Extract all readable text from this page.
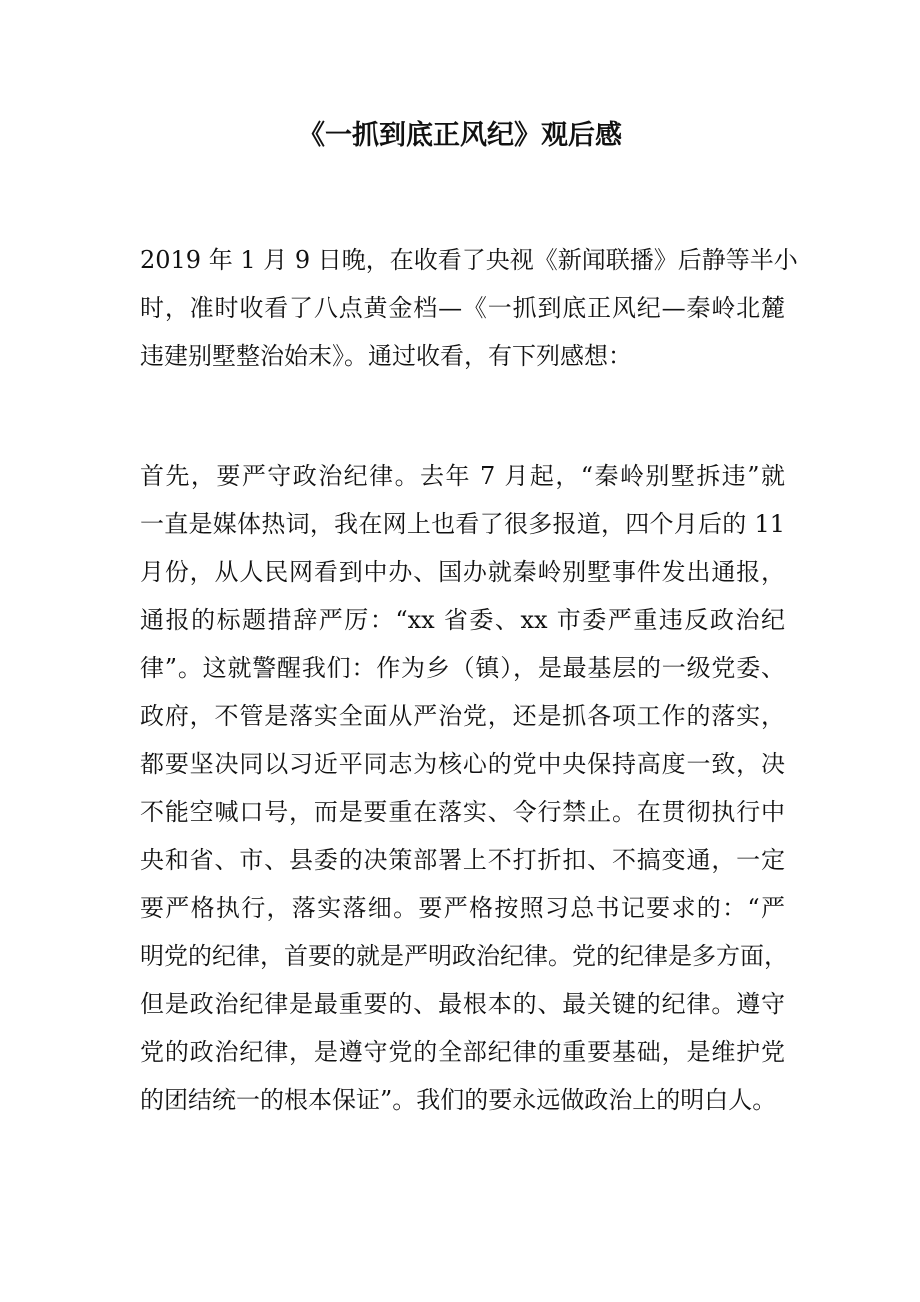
《一抓到底正风纪》观后感
2019 年 1 月 9 日晚，在收看了央视《新闻联播》后静等半小
时，准时收看了八点黄金档—《一抓到底正风纪—秦岭北麓
违建别墅整治始末》。通过收看，有下列感想：
首先，要严守政治纪律。去年 7 月起，“秦岭别墅拆违”就
一直是媒体热词，我在网上也看了很多报道，四个月后的 11
月份，从人民网看到中办、国办就秦岭别墅事件发出通报，
通报的标题措辞严厉：“xx 省委、xx 市委严重违反政治纪
律”。这就警醒我们：作为乡（镇），是最基层的一级党委、
政府，不管是落实全面从严治党，还是抓各项工作的落实，
都要坚决同以习近平同志为核心的党中央保持高度一致，决
不能空喊口号，而是要重在落实、令行禁止。在贯彻执行中
央和省、市、县委的决策部署上不打折扣、不搞变通，一定
要严格执行，落实落细。要严格按照习总书记要求的：“严
明党的纪律，首要的就是严明政治纪律。党的纪律是多方面，
但是政治纪律是最重要的、最根本的、最关键的纪律。遵守
党的政治纪律，是遵守党的全部纪律的重要基础，是维护党
的团结统一的根本保证”。我们的要永远做政治上的明白人。
